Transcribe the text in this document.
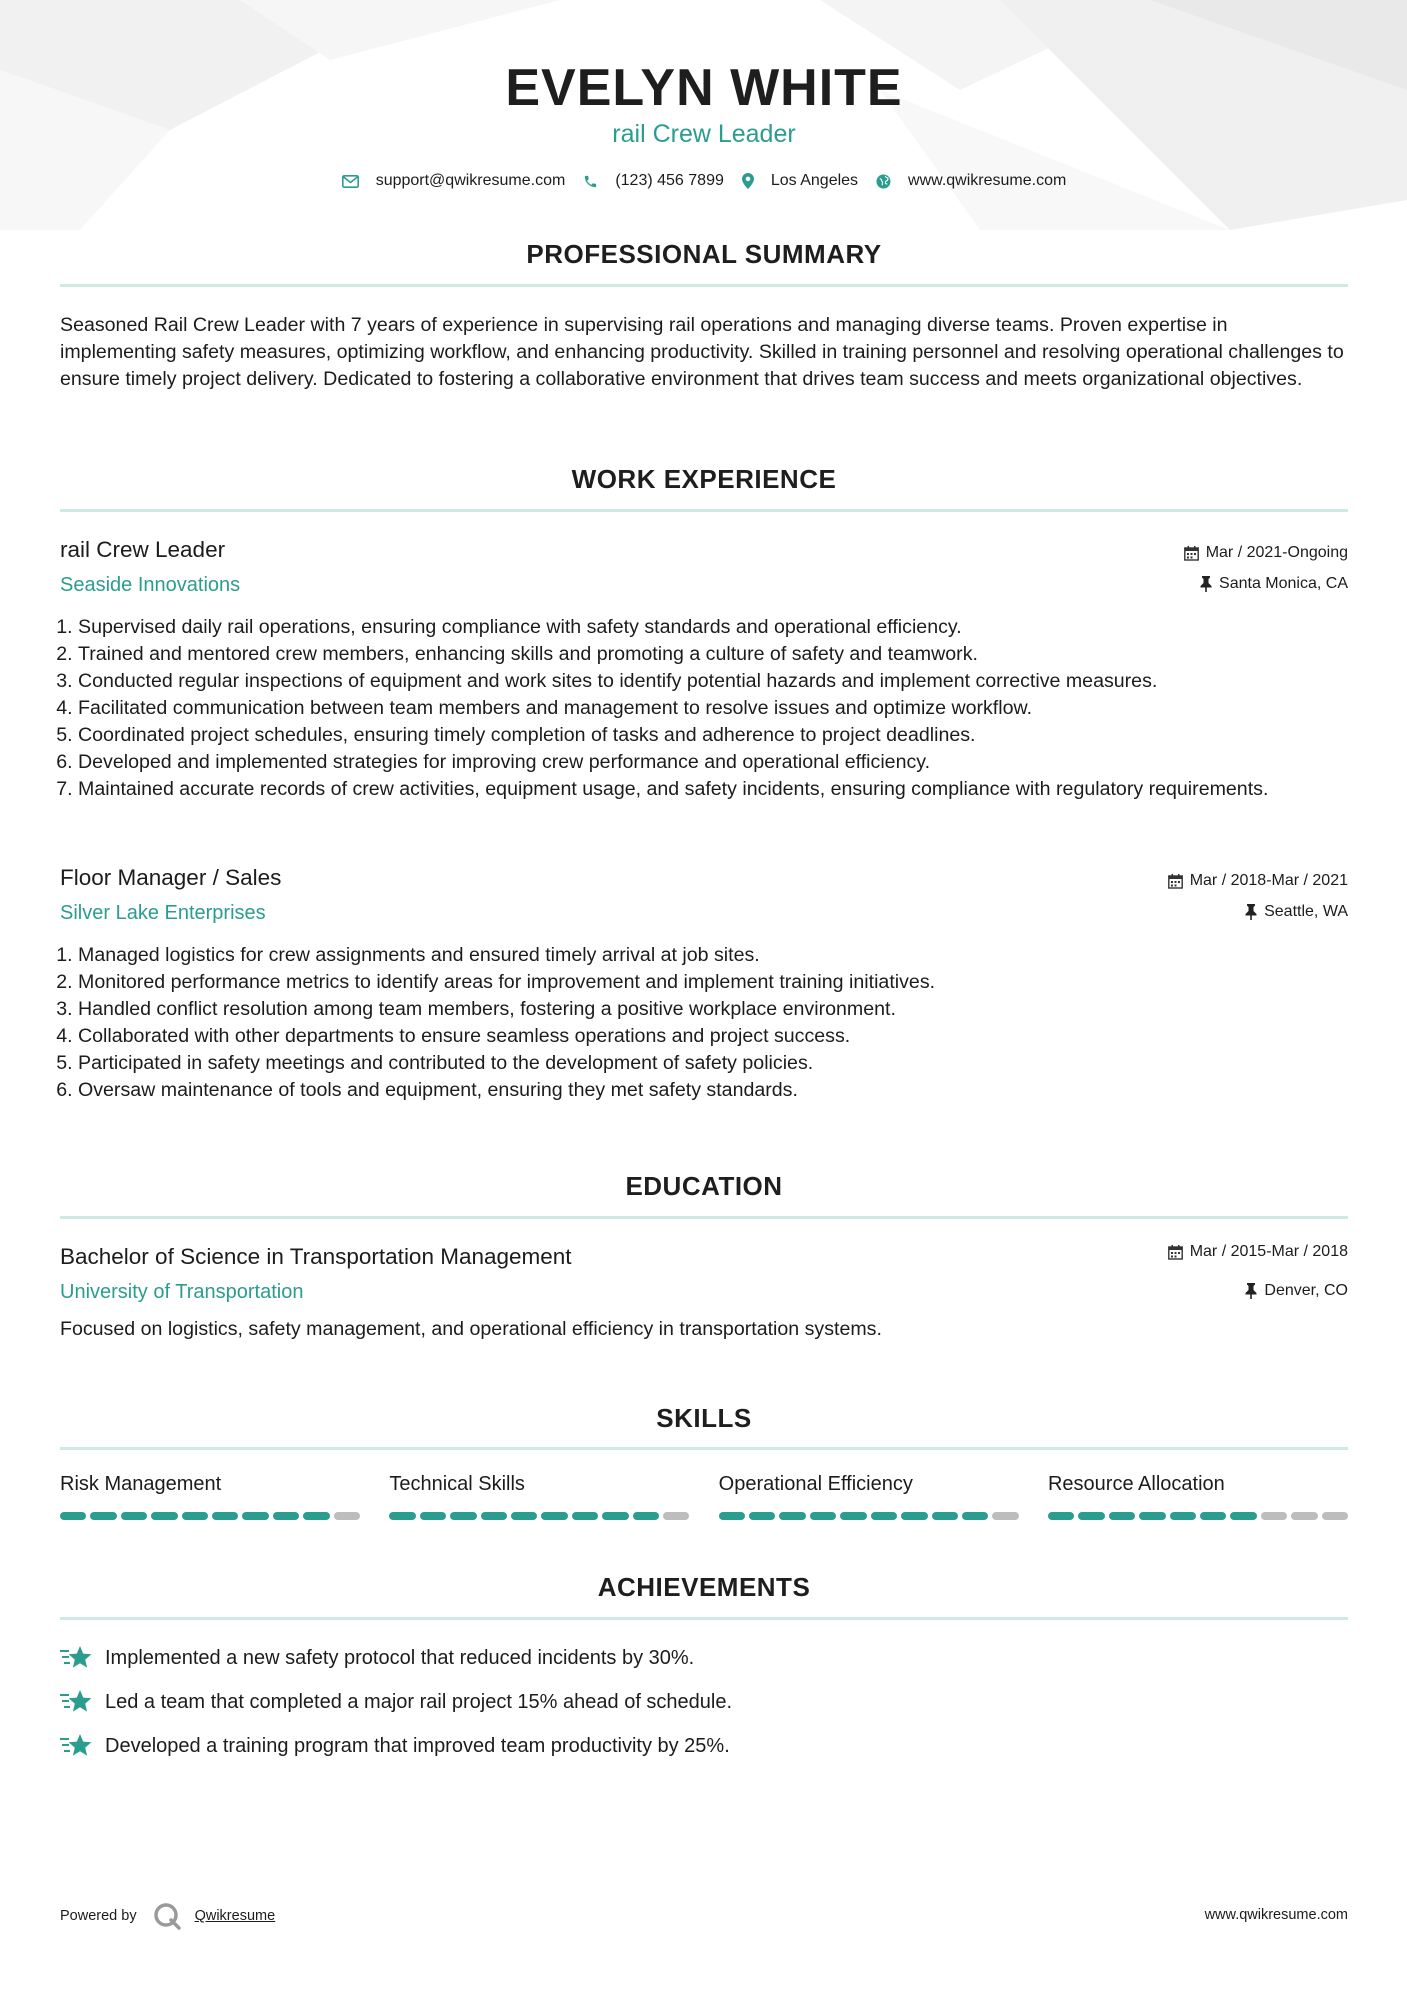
EVELYN WHITE
rail Crew Leader
support@qwikresume.com	(123) 456 7899	Los Angeles	www.qwikresume.com
PROFESSIONAL SUMMARY
Seasoned Rail Crew Leader with 7 years of experience in supervising rail operations and managing diverse teams. Proven expertise in implementing safety measures, optimizing workflow, and enhancing productivity. Skilled in training personnel and resolving operational challenges to ensure timely project delivery. Dedicated to fostering a collaborative environment that drives team success and meets organizational objectives.
WORK EXPERIENCE
rail Crew Leader
Seaside Innovations
Mar / 2021-Ongoing
Santa Monica, CA
1. Supervised daily rail operations, ensuring compliance with safety standards and operational efficiency.
2. Trained and mentored crew members, enhancing skills and promoting a culture of safety and teamwork.
3. Conducted regular inspections of equipment and work sites to identify potential hazards and implement corrective measures.
4. Facilitated communication between team members and management to resolve issues and optimize workflow.
5. Coordinated project schedules, ensuring timely completion of tasks and adherence to project deadlines.
6. Developed and implemented strategies for improving crew performance and operational efficiency.
7. Maintained accurate records of crew activities, equipment usage, and safety incidents, ensuring compliance with regulatory requirements.
Floor Manager / Sales
Silver Lake Enterprises
Mar / 2018-Mar / 2021
Seattle, WA
1. Managed logistics for crew assignments and ensured timely arrival at job sites.
2. Monitored performance metrics to identify areas for improvement and implement training initiatives.
3. Handled conflict resolution among team members, fostering a positive workplace environment.
4. Collaborated with other departments to ensure seamless operations and project success.
5. Participated in safety meetings and contributed to the development of safety policies.
6. Oversaw maintenance of tools and equipment, ensuring they met safety standards.
EDUCATION
Bachelor of Science in Transportation Management
University of Transportation
Mar / 2015-Mar / 2018
Denver, CO
Focused on logistics, safety management, and operational efficiency in transportation systems.
SKILLS
Risk Management	Technical Skills	Operational Efficiency	Resource Allocation
ACHIEVEMENTS
Implemented a new safety protocol that reduced incidents by 30%.
Led a team that completed a major rail project 15% ahead of schedule.
Developed a training program that improved team productivity by 25%.
Powered by	Qwikresume	www.qwikresume.com
